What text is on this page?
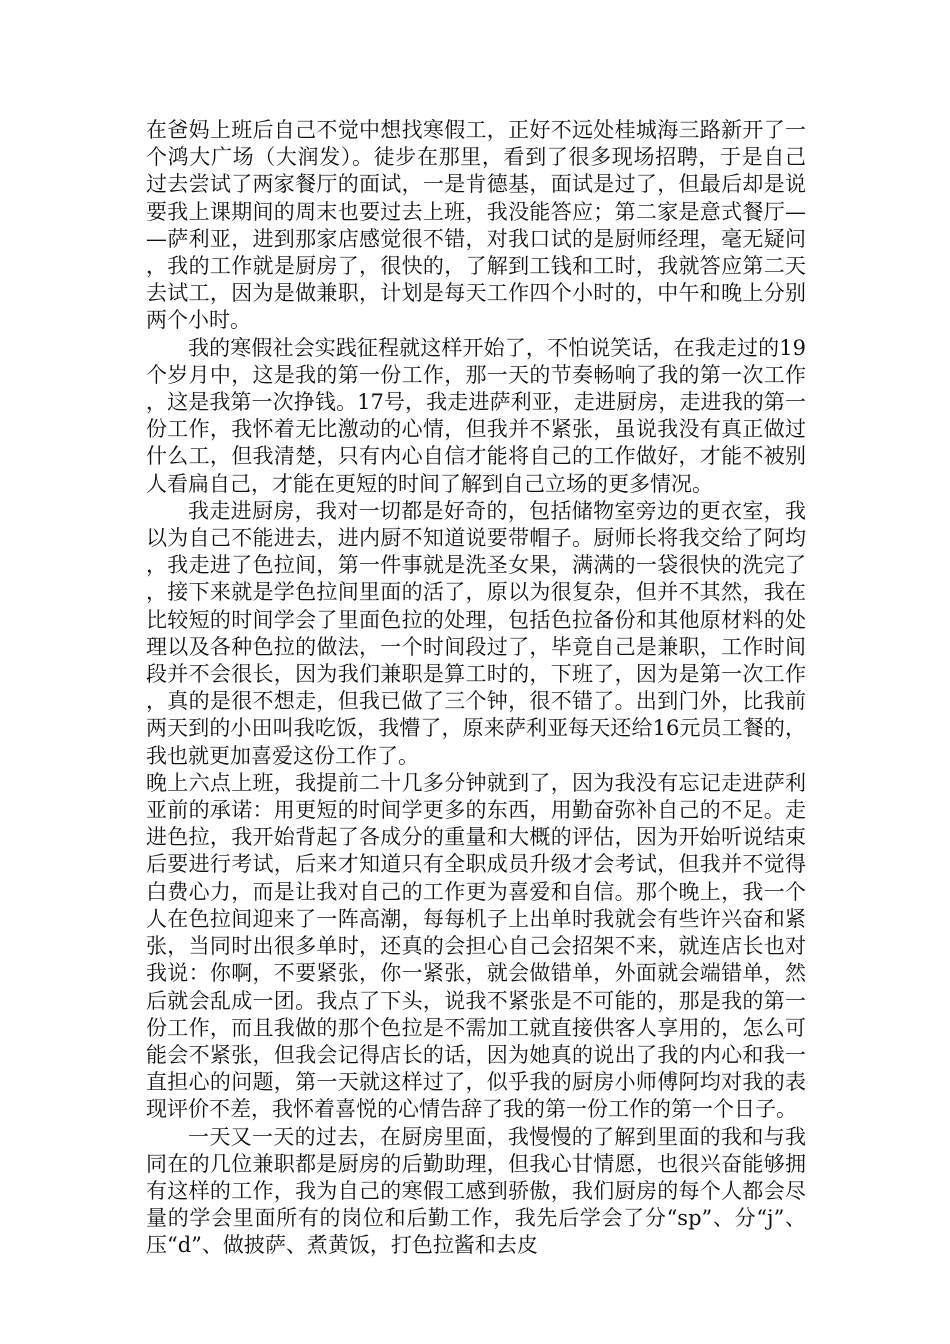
在爸妈上班后自己不觉中想找寒假工，正好不远处桂城海三路新开了一个鸿大广场（大润发）。徒步在那里，看到了很多现场招聘，于是自己过去尝试了两家餐厅的面试，一是肯德基，面试是过了，但最后却是说要我上课期间的周末也要过去上班，我没能答应；第二家是意式餐厅——萨利亚，进到那家店感觉很不错，对我口试的是厨师经理，毫无疑问，我的工作就是厨房了，很快的，了解到工钱和工时，我就答应第二天去试工，因为是做兼职，计划是每天工作四个小时的，中午和晚上分别两个小时。

我的寒假社会实践征程就这样开始了，不怕说笑话，在我走过的19个岁月中，这是我的第一份工作，那一天的节奏畅响了我的第一次工作，这是我第一次挣钱。17号，我走进萨利亚，走进厨房，走进我的第一份工作，我怀着无比激动的心情，但我并不紧张，虽说我没有真正做过什么工，但我清楚，只有内心自信才能将自己的工作做好，才能不被别人看扁自己，才能在更短的时间了解到自己立场的更多情况。

我走进厨房，我对一切都是好奇的，包括储物室旁边的更衣室，我以为自己不能进去，进内厨不知道说要带帽子。厨师长将我交给了阿均，我走进了色拉间，第一件事就是洗圣女果，满满的一袋很快的洗完了，接下来就是学色拉间里面的活了，原以为很复杂，但并不其然，我在比较短的时间学会了里面色拉的处理，包括色拉备份和其他原材料的处理以及各种色拉的做法，一个时间段过了，毕竟自己是兼职，工作时间段并不会很长，因为我们兼职是算工时的，下班了，因为是第一次工作，真的是很不想走，但我已做了三个钟，很不错了。出到门外，比我前两天到的小田叫我吃饭，我懵了，原来萨利亚每天还给16元员工餐的，我也就更加喜爱这份工作了。

晚上六点上班，我提前二十几多分钟就到了，因为我没有忘记走进萨利亚前的承诺：用更短的时间学更多的东西，用勤奋弥补自己的不足。走进色拉，我开始背起了各成分的重量和大概的评估，因为开始听说结束后要进行考试，后来才知道只有全职成员升级才会考试，但我并不觉得白费心力，而是让我对自己的工作更为喜爱和自信。那个晚上，我一个人在色拉间迎来了一阵高潮，每每机子上出单时我就会有些许兴奋和紧张，当同时出很多单时，还真的会担心自己会招架不来，就连店长也对我说：你啊，不要紧张，你一紧张，就会做错单，外面就会端错单，然后就会乱成一团。我点了下头，说我不紧张是不可能的，那是我的第一份工作，而且我做的那个色拉是不需加工就直接供客人享用的，怎么可能会不紧张，但我会记得店长的话，因为她真的说出了我的内心和我一直担心的问题，第一天就这样过了，似乎我的厨房小师傅阿均对我的表现评价不差，我怀着喜悦的心情告辞了我的第一份工作的第一个日子。

一天又一天的过去，在厨房里面，我慢慢的了解到里面的我和与我同在的几位兼职都是厨房的后勤助理，但我心甘情愿，也很兴奋能够拥有这样的工作，我为自己的寒假工感到骄傲，我们厨房的每个人都会尽量的学会里面所有的岗位和后勤工作，我先后学会了分“sp”、分“j”、压“d”、做披萨、煮黄饭，打色拉酱和去皮
